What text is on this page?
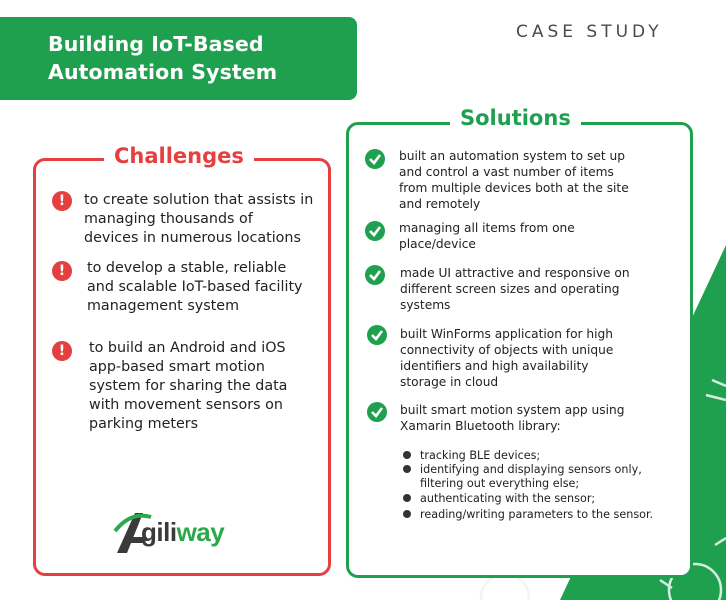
Building IoT-Based
Automation System
CASE STUDY
Challenges
!	to create solution that assists in
managing thousands of
devices in numerous locations
!	to develop a stable, reliable
and scalable IoT-based facility
management system
!	to build an Android and iOS
app-based smart motion
system for sharing the data
with movement sensors on
parking meters
giliway
Solutions
built an automation system to set up
and control a vast number of items
from multiple devices both at the site
and remotely
managing all items from one
place/device
made UI attractive and responsive on
different screen sizes and operating
systems
built WinForms application for high
connectivity of objects with unique
identifiers and high availability
storage in cloud
built smart motion system app using
Xamarin Bluetooth library:
tracking BLE devices;
identifying and displaying sensors only,
filtering out everything else;
authenticating with the sensor;
reading/writing parameters to the sensor.
